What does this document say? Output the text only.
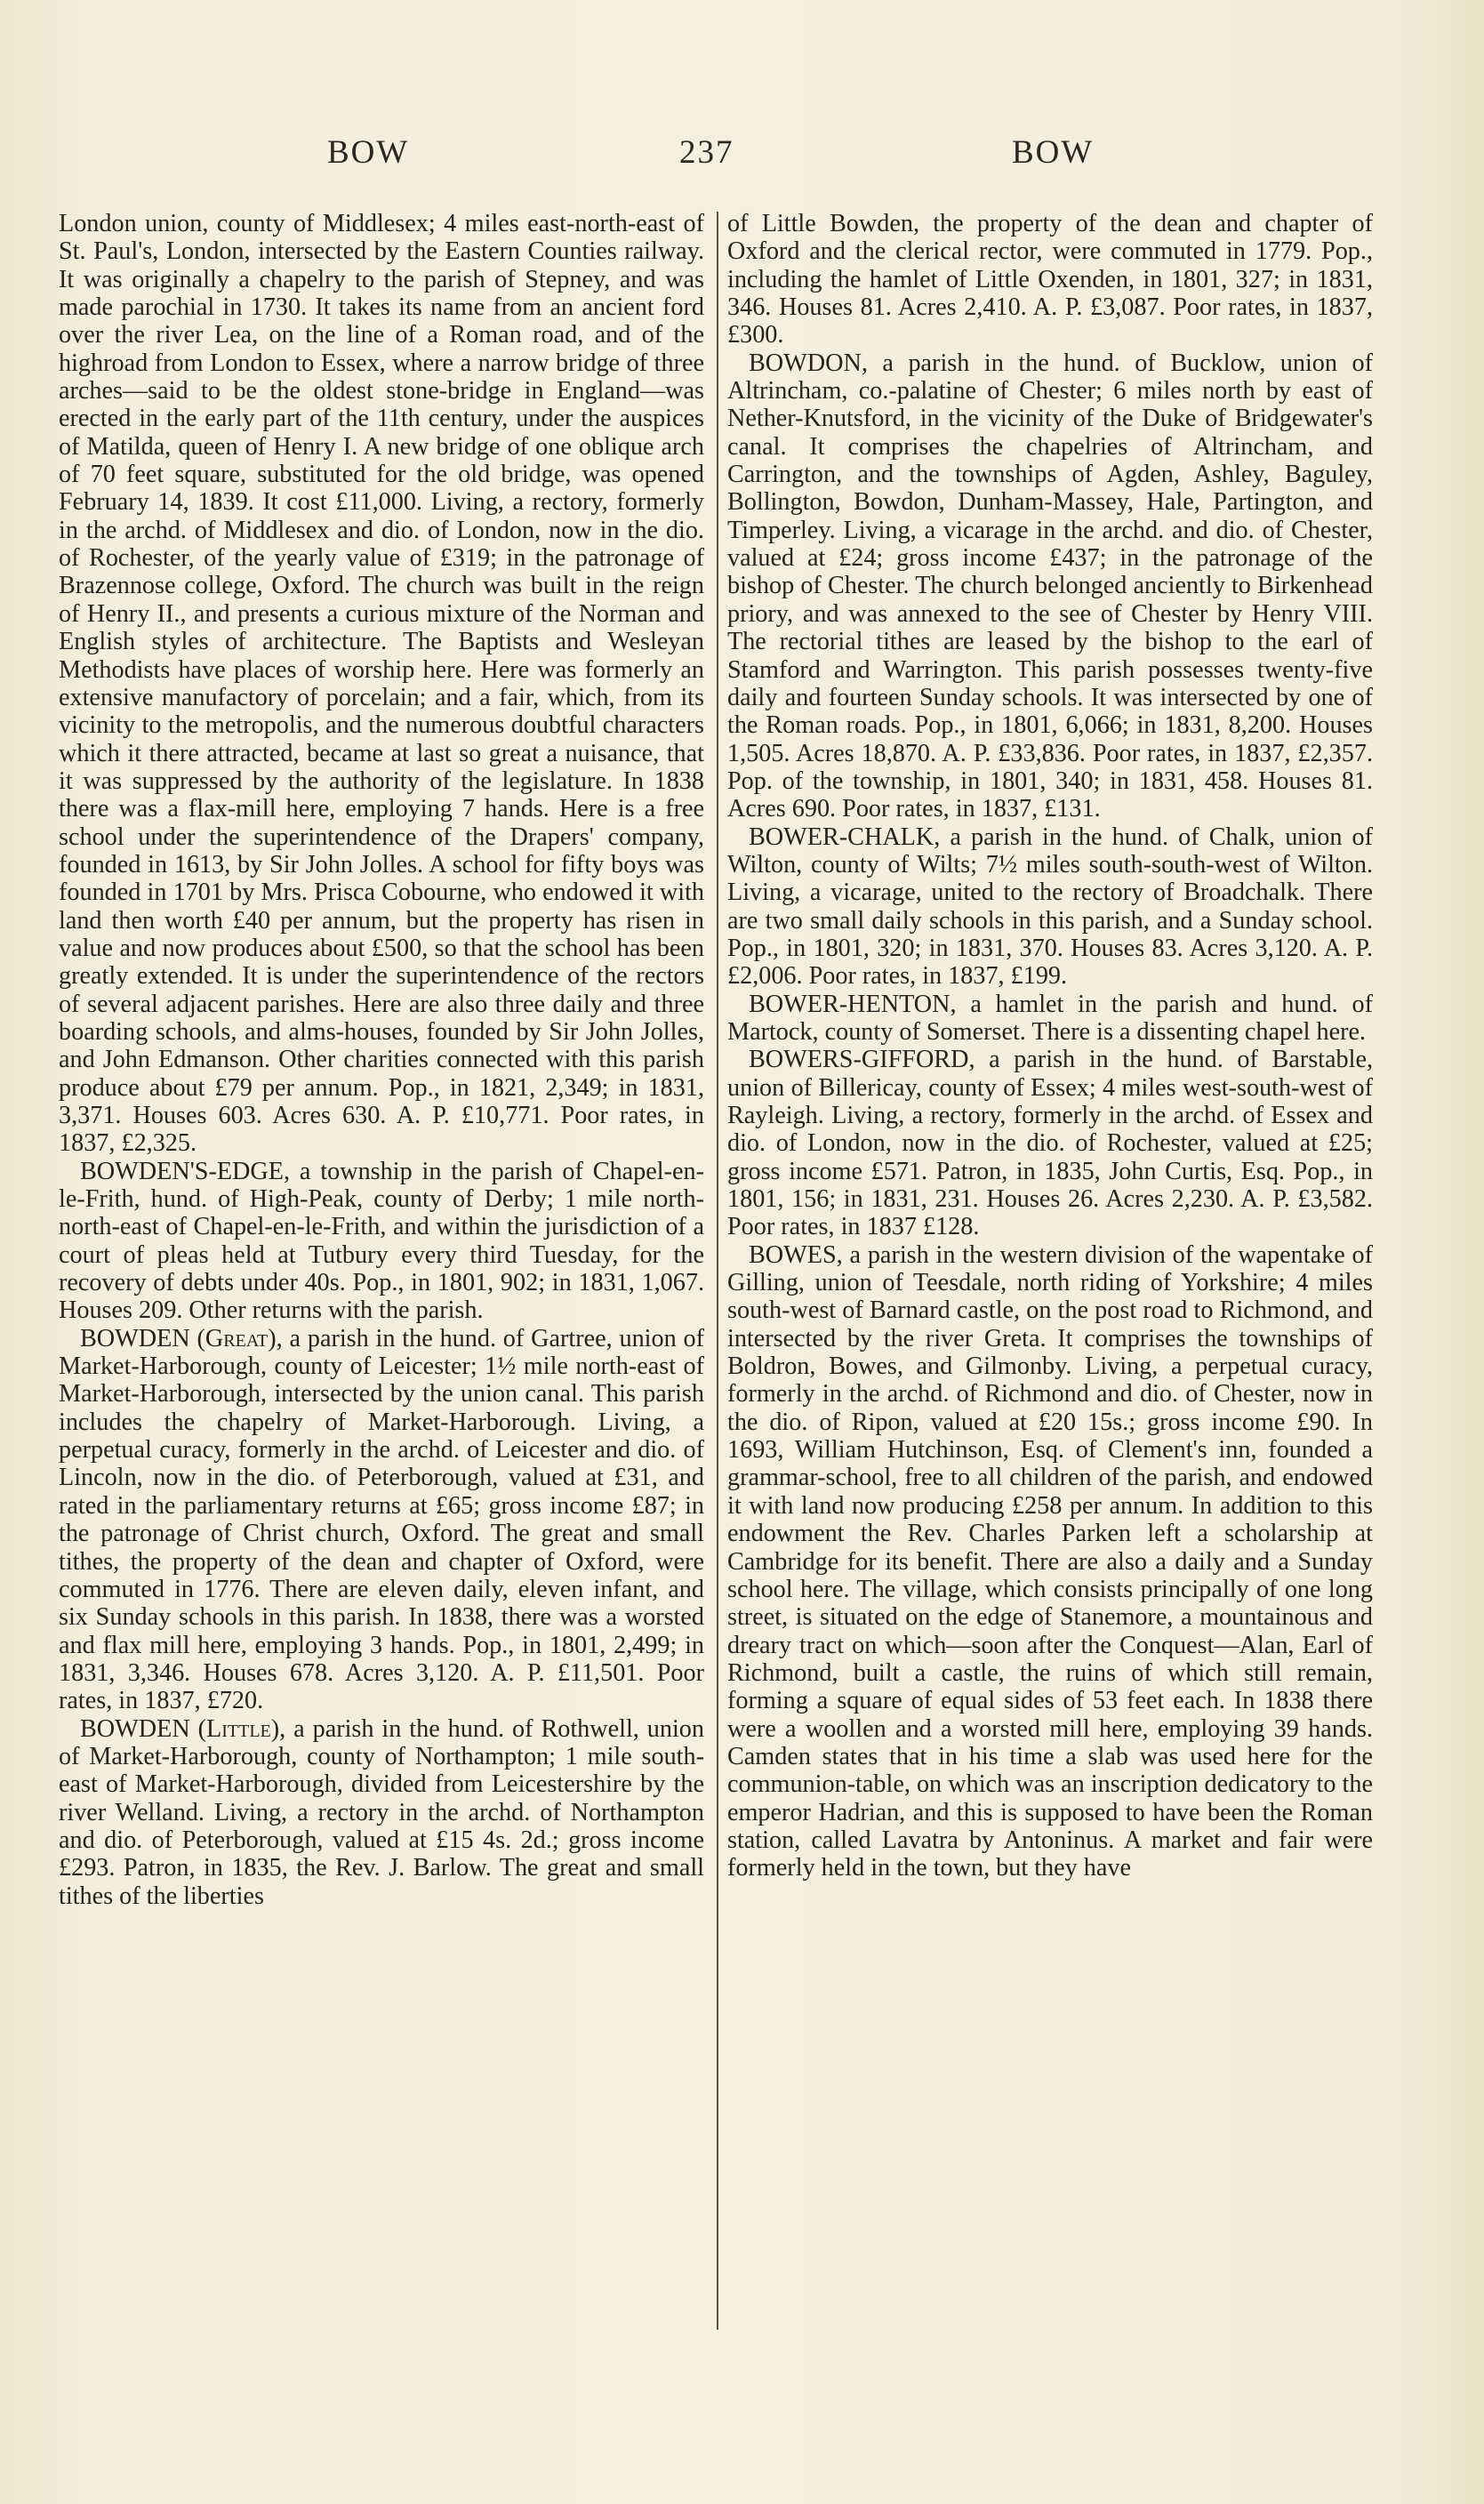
BOW	237	BOW

London union, county of Middlesex; 4 miles east-north-east of St. Paul's, London, intersected by the Eastern Counties railway. It was originally a chapelry to the parish of Stepney, and was made parochial in 1730. It takes its name from an ancient ford over the river Lea, on the line of a Roman road, and of the highroad from London to Essex, where a narrow bridge of three arches—said to be the oldest stone-bridge in England—was erected in the early part of the 11th century, under the auspices of Matilda, queen of Henry I. A new bridge of one oblique arch of 70 feet square, substituted for the old bridge, was opened February 14, 1839. It cost £11,000. Living, a rectory, formerly in the archd. of Middlesex and dio. of London, now in the dio. of Rochester, of the yearly value of £319; in the patronage of Brazennose college, Oxford. The church was built in the reign of Henry II., and presents a curious mixture of the Norman and English styles of architecture. The Baptists and Wesleyan Methodists have places of worship here. Here was formerly an extensive manufactory of porcelain; and a fair, which, from its vicinity to the metropolis, and the numerous doubtful characters which it there attracted, became at last so great a nuisance, that it was suppressed by the authority of the legislature. In 1838 there was a flax-mill here, employing 7 hands. Here is a free school under the superintendence of the Drapers' company, founded in 1613, by Sir John Jolles. A school for fifty boys was founded in 1701 by Mrs. Prisca Cobourne, who endowed it with land then worth £40 per annum, but the property has risen in value and now produces about £500, so that the school has been greatly extended. It is under the superintendence of the rectors of several adjacent parishes. Here are also three daily and three boarding schools, and alms-houses, founded by Sir John Jolles, and John Edmanson. Other charities connected with this parish produce about £79 per annum. Pop., in 1821, 2,349; in 1831, 3,371. Houses 603. Acres 630. A. P. £10,771. Poor rates, in 1837, £2,325.

BOWDEN'S-EDGE, a township in the parish of Chapel-en-le-Frith, hund. of High-Peak, county of Derby; 1 mile north-north-east of Chapel-en-le-Frith, and within the jurisdiction of a court of pleas held at Tutbury every third Tuesday, for the recovery of debts under 40s. Pop., in 1801, 902; in 1831, 1,067. Houses 209. Other returns with the parish.

BOWDEN (Great), a parish in the hund. of Gartree, union of Market-Harborough, county of Leicester; 1½ mile north-east of Market-Harborough, intersected by the union canal. This parish includes the chapelry of Market-Harborough. Living, a perpetual curacy, formerly in the archd. of Leicester and dio. of Lincoln, now in the dio. of Peterborough, valued at £31, and rated in the parliamentary returns at £65; gross income £87; in the patronage of Christ church, Oxford. The great and small tithes, the property of the dean and chapter of Oxford, were commuted in 1776. There are eleven daily, eleven infant, and six Sunday schools in this parish. In 1838, there was a worsted and flax mill here, employing 3 hands. Pop., in 1801, 2,499; in 1831, 3,346. Houses 678. Acres 3,120. A. P. £11,501. Poor rates, in 1837, £720.

BOWDEN (Little), a parish in the hund. of Rothwell, union of Market-Harborough, county of Northampton; 1 mile south-east of Market-Harborough, divided from Leicestershire by the river Welland. Living, a rectory in the archd. of Northampton and dio. of Peterborough, valued at £15 4s. 2d.; gross income £293. Patron, in 1835, the Rev. J. Barlow. The great and small tithes of the liberties

of Little Bowden, the property of the dean and chapter of Oxford and the clerical rector, were commuted in 1779. Pop., including the hamlet of Little Oxenden, in 1801, 327; in 1831, 346. Houses 81. Acres 2,410. A. P. £3,087. Poor rates, in 1837, £300.

BOWDON, a parish in the hund. of Bucklow, union of Altrincham, co.-palatine of Chester; 6 miles north by east of Nether-Knutsford, in the vicinity of the Duke of Bridgewater's canal. It comprises the chapelries of Altrincham, and Carrington, and the townships of Agden, Ashley, Baguley, Bollington, Bowdon, Dunham-Massey, Hale, Partington, and Timperley. Living, a vicarage in the archd. and dio. of Chester, valued at £24; gross income £437; in the patronage of the bishop of Chester. The church belonged anciently to Birkenhead priory, and was annexed to the see of Chester by Henry VIII. The rectorial tithes are leased by the bishop to the earl of Stamford and Warrington. This parish possesses twenty-five daily and fourteen Sunday schools. It was intersected by one of the Roman roads. Pop., in 1801, 6,066; in 1831, 8,200. Houses 1,505. Acres 18,870. A. P. £33,836. Poor rates, in 1837, £2,357. Pop. of the township, in 1801, 340; in 1831, 458. Houses 81. Acres 690. Poor rates, in 1837, £131.

BOWER-CHALK, a parish in the hund. of Chalk, union of Wilton, county of Wilts; 7½ miles south-south-west of Wilton. Living, a vicarage, united to the rectory of Broadchalk. There are two small daily schools in this parish, and a Sunday school. Pop., in 1801, 320; in 1831, 370. Houses 83. Acres 3,120. A. P. £2,006. Poor rates, in 1837, £199.

BOWER-HENTON, a hamlet in the parish and hund. of Martock, county of Somerset. There is a dissenting chapel here.

BOWERS-GIFFORD, a parish in the hund. of Barstable, union of Billericay, county of Essex; 4 miles west-south-west of Rayleigh. Living, a rectory, formerly in the archd. of Essex and dio. of London, now in the dio. of Rochester, valued at £25; gross income £571. Patron, in 1835, John Curtis, Esq. Pop., in 1801, 156; in 1831, 231. Houses 26. Acres 2,230. A. P. £3,582. Poor rates, in 1837 £128.

BOWES, a parish in the western division of the wapentake of Gilling, union of Teesdale, north riding of Yorkshire; 4 miles south-west of Barnard castle, on the post road to Richmond, and intersected by the river Greta. It comprises the townships of Boldron, Bowes, and Gilmonby. Living, a perpetual curacy, formerly in the archd. of Richmond and dio. of Chester, now in the dio. of Ripon, valued at £20 15s.; gross income £90. In 1693, William Hutchinson, Esq. of Clement's inn, founded a grammar-school, free to all children of the parish, and endowed it with land now producing £258 per annum. In addition to this endowment the Rev. Charles Parken left a scholarship at Cambridge for its benefit. There are also a daily and a Sunday school here. The village, which consists principally of one long street, is situated on the edge of Stanemore, a mountainous and dreary tract on which—soon after the Conquest—Alan, Earl of Richmond, built a castle, the ruins of which still remain, forming a square of equal sides of 53 feet each. In 1838 there were a woollen and a worsted mill here, employing 39 hands. Camden states that in his time a slab was used here for the communion-table, on which was an inscription dedicatory to the emperor Hadrian, and this is supposed to have been the Roman station, called Lavatra by Antoninus. A market and fair were formerly held in the town, but they have
